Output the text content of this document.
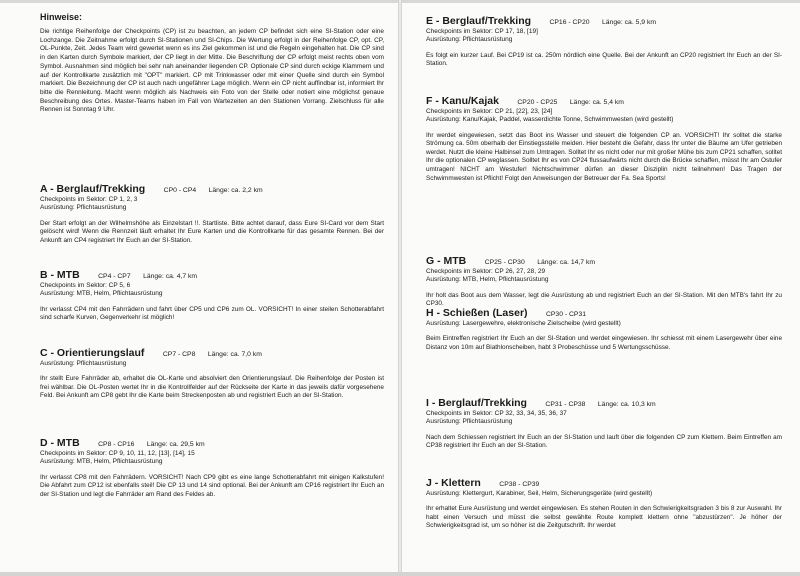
Hinweise:

Die richtige Reihenfolge der Checkpoints (CP) ist zu beachten, an jedem CP befindet sich eine SI-Station oder eine Lochzange. Die Zeitnahme erfolgt durch SI-Stationen und SI-Chips. Die Wertung erfolgt in der Reihenfolge CP, opt. CP, OL-Punkte, Zeit. Jedes Team wird gewertet wenn es ins Ziel gekommen ist und die Regeln eingehalten hat. Die CP sind in den Karten durch Symbole markiert, der CP liegt in der Mitte. Die Beschriftung der CP erfolgt meist rechts oben vom Symbol. Ausnahmen sind möglich bei sehr nah aneinander liegenden CP. Optionale CP sind durch eckige Klammern und auf der Kontrollkarte zusätzlich mit "OPT" markiert. CP mit Trinkwasser oder mit einer Quelle sind durch ein Symbol markiert. Die Bezeichnung der CP ist auch nach ungefährer Lage möglich. Wenn ein CP nicht auffindbar ist, informiert Ihr bitte die Rennleitung. Macht wenn möglich als Nachweis ein Foto von der Stelle oder notiert eine möglichst genaue Beschreibung des Ortes. Master-Teams haben im Fall von Wartezeiten an den Stationen Vorrang. Zielschluss für alle Rennen ist Sonntag 9 Uhr.

A - Berglauf/Trekking	CP0 - CP4 Länge: ca. 2,2 km

Checkpoints im Sektor: CP 1, 2, 3

Ausrüstung: Pflichtausrüstung

Der Start erfolgt an der Wilhelmshöhe als Einzelstart !!. Startliste. Bitte achtet darauf, dass Eure SI-Card vor dem Start gelöscht wird! Wenn die Rennzeit läuft erhaltet Ihr Eure Karten und die Kontrollkarte für das gesamte Rennen. Bei der Ankunft am CP4 registriert Ihr Euch an der SI-Station.

B - MTB	CP4 - CP7 Länge: ca. 4,7 km

Checkpoints im Sektor: CP 5, 6

Ausrüstung: MTB, Helm, Pflichtausrüstung

Ihr verlasst CP4 mit den Fahrrädern und fahrt über CP5 und CP6 zum OL. VORSICHT! In einer steilen Schotterabfahrt sind scharfe Kurven, Gegenverkehr ist möglich!

C - Orientierungslauf	CP7 - CP8 Länge: ca. 7,0 km

Ausrüstung: Pflichtausrüstung

Ihr stellt Eure Fahrräder ab, erhaltet die OL-Karte und absolviert den Orientierungslauf. Die Reihenfolge der Posten ist frei wählbar. Die OL-Posten wertet Ihr in die Kontrollfelder auf der Rückseite der Karte in das jeweils dafür vorgesehene Feld. Bei Ankunft am CP8 gebt Ihr die Karte beim Streckenposten ab und registriert Euch an der SI-Station.

D - MTB	CP8 - CP16 Länge: ca. 29,5 km

Checkpoints im Sektor: CP 9, 10, 11, 12, [13], [14], 15

Ausrüstung: MTB, Helm, Pflichtausrüstung

Ihr verlasst CP8 mit den Fahrrädern. VORSICHT! Nach CP9 gibt es eine lange Schotterabfahrt mit einigen Kalkstufen! Die Abfahrt zum CP12 ist ebenfalls steil! Die CP 13 und 14 sind optional. Bei der Ankunft am CP16 registriert Ihr Euch an der SI-Station und legt die Fahrräder am Rand des Feldes ab.

E - Berglauf/Trekking	CP16 - CP20 Länge: ca. 5,9 km

Checkpoints im Sektor: CP 17, 18, [19]

Ausrüstung: Pflichtausrüstung

Es folgt ein kurzer Lauf. Bei CP19 ist ca. 250m nördlich eine Quelle. Bei der Ankunft an CP20 registriert Ihr Euch an der SI-Station.

F - Kanu/Kajak	CP20 - CP25 Länge: ca. 5,4 km

Checkpoints im Sektor: CP 21, [22], 23, [24]

Ausrüstung: Kanu/Kajak, Paddel, wasserdichte Tonne, Schwimmwesten (wird gestellt)

Ihr werdet eingewiesen, setzt das Boot ins Wasser und steuert die folgenden CP an. VORSICHT! Ihr solltet die starke Strömung ca. 50m oberhalb der Einstiegsstelle meiden. Hier besteht die Gefahr, dass Ihr unter die Bäume am Ufer getrieben werdet. Nutzt die kleine Halbinsel zum Umtragen. Solltet Ihr es nicht oder nur mit großer Mühe bis zum CP21 schaffen, solltet Ihr die optionalen CP weglassen. Solltet Ihr es von CP24 flussaufwärts nicht durch die Brücke schaffen, müsst Ihr am Ostufer umtragen! NICHT am Westufer! Nichtschwimmer dürfen an dieser Disziplin nicht teilnehmen! Das Tragen der Schwimmwesten ist Pflicht! Folgt den Anweisungen der Betreuer der Fa. Sea Sports!

G - MTB	CP25 - CP30 Länge: ca. 14,7 km

Checkpoints im Sektor: CP 26, 27, 28, 29

Ausrüstung: MTB, Helm, Pflichtausrüstung

Ihr holt das Boot aus dem Wasser, legt die Ausrüstung ab und registriert Euch an der SI-Station. Mit den MTB's fahrt Ihr zu CP30.

H - Schießen (Laser)	CP30 - CP31

Ausrüstung: Lasergewehre, elektronische Zielscheibe (wird gestellt)

Beim Eintreffen registriert Ihr Euch an der SI-Station und werdet eingewiesen. Ihr schiesst mit einem Lasergewehr über eine Distanz von 10m auf Biathlonscheiben, habt 3 Probeschüsse und 5 Wertungsschüsse.

I - Berglauf/Trekking	CP31 - CP38 Länge: ca. 10,3 km

Checkpoints im Sektor: CP 32, 33, 34, 35, 36, 37

Ausrüstung: Pflichtausrüstung

Nach dem Schiessen registriert Ihr Euch an der SI-Station und lauft über die folgenden CP zum Klettern. Beim Eintreffen am CP38 registriert Ihr Euch an der SI-Station.

J - Klettern	CP38 - CP39

Ausrüstung: Klettergurt, Karabiner, Seil, Helm, Sicherungsgeräte (wird gestellt)

Ihr erhaltet Eure Ausrüstung und werdet eingewiesen. Es stehen Routen in den Schwierigkeitsgraden 3 bis 8 zur Auswahl. Ihr habt einen Versuch und müsst die selbst gewählte Route komplett klettern ohne "abzustürzen". Je höher der Schwierigkeitsgrad ist, um so höher ist die Zeitgutschrift. Ihr werdet
